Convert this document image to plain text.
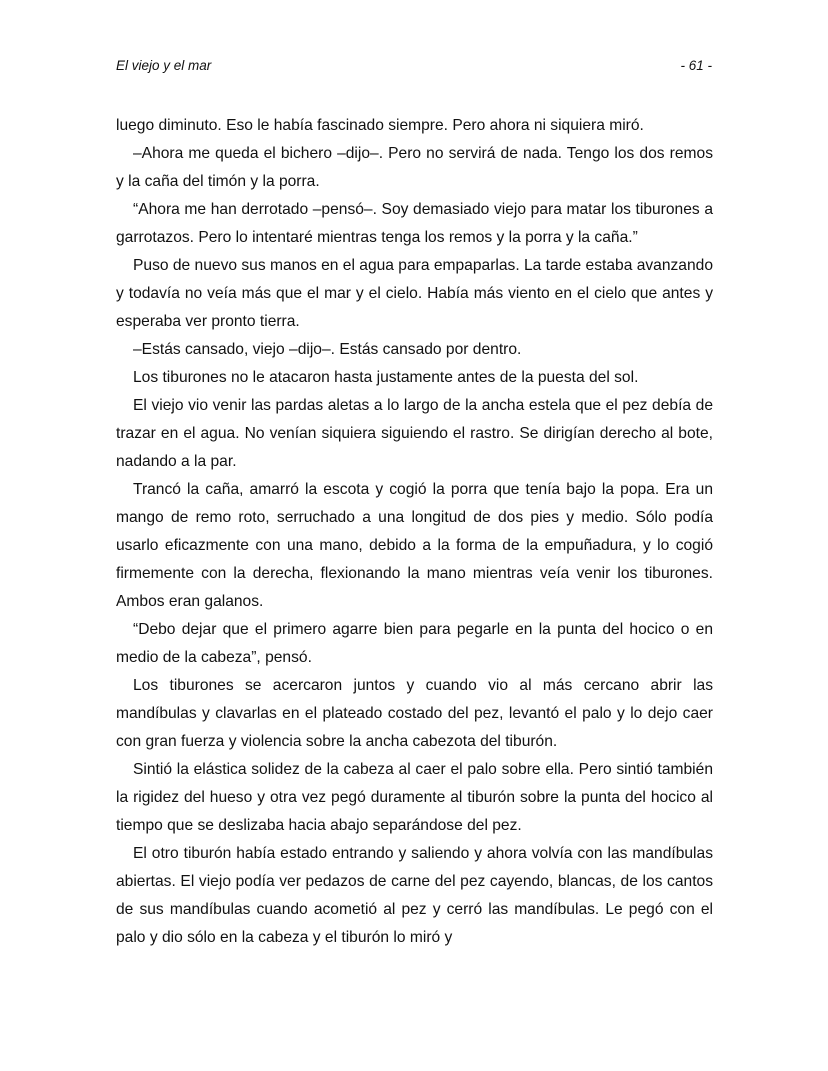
El viejo y el mar	- 61 -

luego diminuto. Eso le había fascinado siempre. Pero ahora ni siquiera miró.

–Ahora me queda el bichero –dijo–. Pero no servirá de nada. Tengo los dos remos y la caña del timón y la porra.

“Ahora me han derrotado –pensó–. Soy demasiado viejo para matar los tiburones a garrotazos. Pero lo intentaré mientras tenga los remos y la porra y la caña.”

Puso de nuevo sus manos en el agua para empaparlas. La tarde estaba avanzando y todavía no veía más que el mar y el cielo. Había más viento en el cielo que antes y esperaba ver pronto tierra.

–Estás cansado, viejo –dijo–. Estás cansado por dentro.

Los tiburones no le atacaron hasta justamente antes de la puesta del sol.

El viejo vio venir las pardas aletas a lo largo de la ancha estela que el pez debía de trazar en el agua. No venían siquiera siguiendo el rastro. Se dirigían derecho al bote, nadando a la par.

Trancó la caña, amarró la escota y cogió la porra que tenía bajo la popa. Era un mango de remo roto, serruchado a una longitud de dos pies y medio. Sólo podía usarlo eficazmente con una mano, debido a la forma de la empuñadura, y lo cogió firmemente con la derecha, flexionando la mano mientras veía venir los tiburones. Ambos eran galanos.

“Debo dejar que el primero agarre bien para pegarle en la punta del hocico o en medio de la cabeza”, pensó.

Los tiburones se acercaron juntos y cuando vio al más cercano abrir las mandíbulas y clavarlas en el plateado costado del pez, levantó el palo y lo dejo caer con gran fuerza y violencia sobre la ancha cabezota del tiburón.

Sintió la elástica solidez de la cabeza al caer el palo sobre ella. Pero sintió también la rigidez del hueso y otra vez pegó duramente al tiburón sobre la punta del hocico al tiempo que se deslizaba hacia abajo separándose del pez.

El otro tiburón había estado entrando y saliendo y ahora volvía con las mandíbulas abiertas. El viejo podía ver pedazos de carne del pez cayendo, blancas, de los cantos de sus mandíbulas cuando acometió al pez y cerró las mandíbulas. Le pegó con el palo y dio sólo en la cabeza y el tiburón lo miró y
